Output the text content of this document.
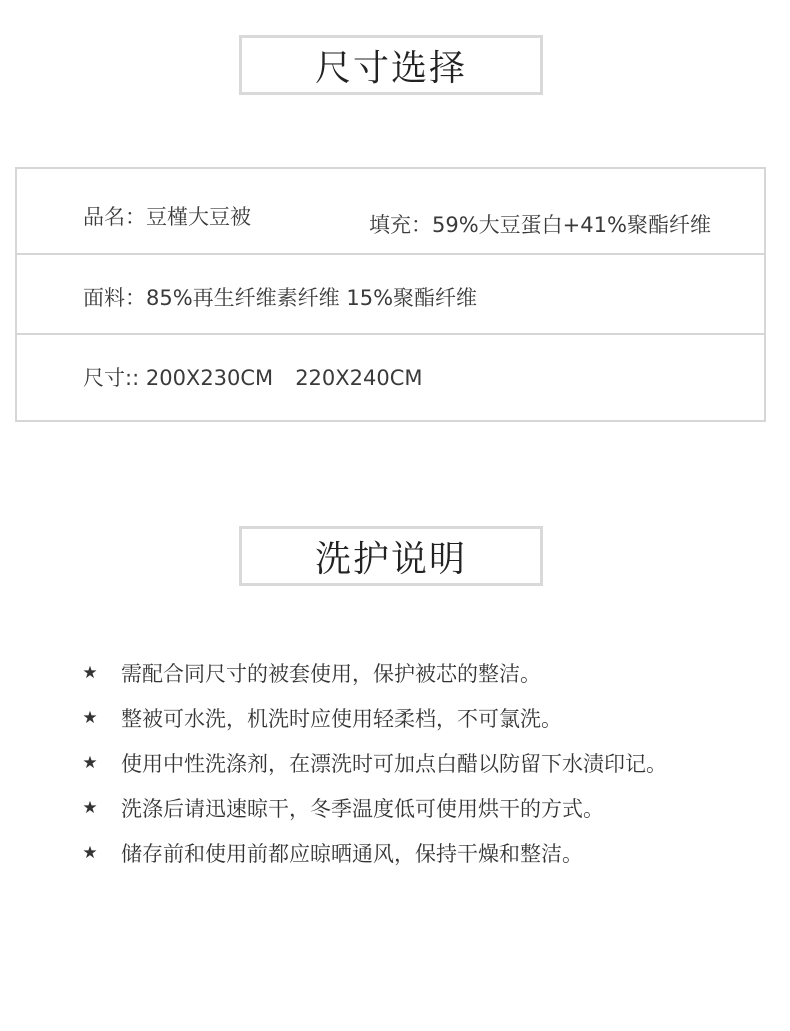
尺寸选择
品名：豆槿大豆被	填充：59%大豆蛋白+41%聚酯纤维
面料：85%再生纤维素纤维 15%聚酯纤维
尺寸:: 200X230CM 220X240CM
洗护说明
★ 需配合同尺寸的被套使用，保护被芯的整洁。
★ 整被可水洗，机洗时应使用轻柔档，不可氯洗。
★ 使用中性洗涤剂，在漂洗时可加点白醋以防留下水渍印记。
★ 洗涤后请迅速晾干，冬季温度低可使用烘干的方式。
★ 储存前和使用前都应晾晒通风，保持干燥和整洁。
